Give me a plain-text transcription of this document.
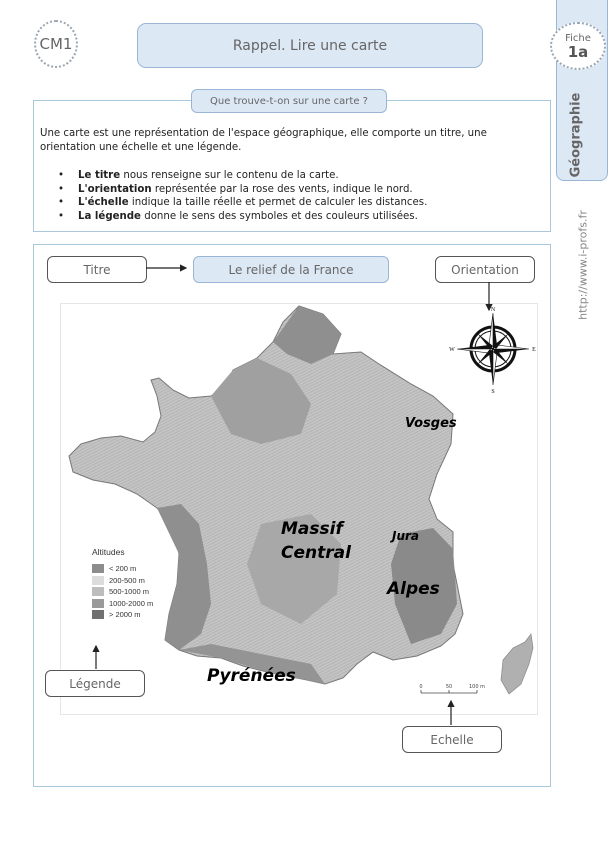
CM1	Rappel. Lire une carte	Fiche
1a
Géographie
http://www.i-profs.fr
Que trouve-t-on sur une carte ?
Une carte est une représentation de l'espace géographique, elle comporte un titre, une orientation une échelle et une légende.
• Le titre nous renseigne sur le contenu de la carte.
• L'orientation représentée par la rose des vents, indique le nord.
• L'échelle indique la taille réelle et permet de calculer les distances.
• La légende donne le sens des symboles et des couleurs utilisées.
N
S
E
W
Vosges
Massif
Central
Jura
Alpes
Pyrénées
0	50	100 m
Altitudes
< 200 m
200-500 m
500-1000 m
1000-2000 m
> 2000 m
Titre	Le relief de la France	Orientation
Légende
Echelle
